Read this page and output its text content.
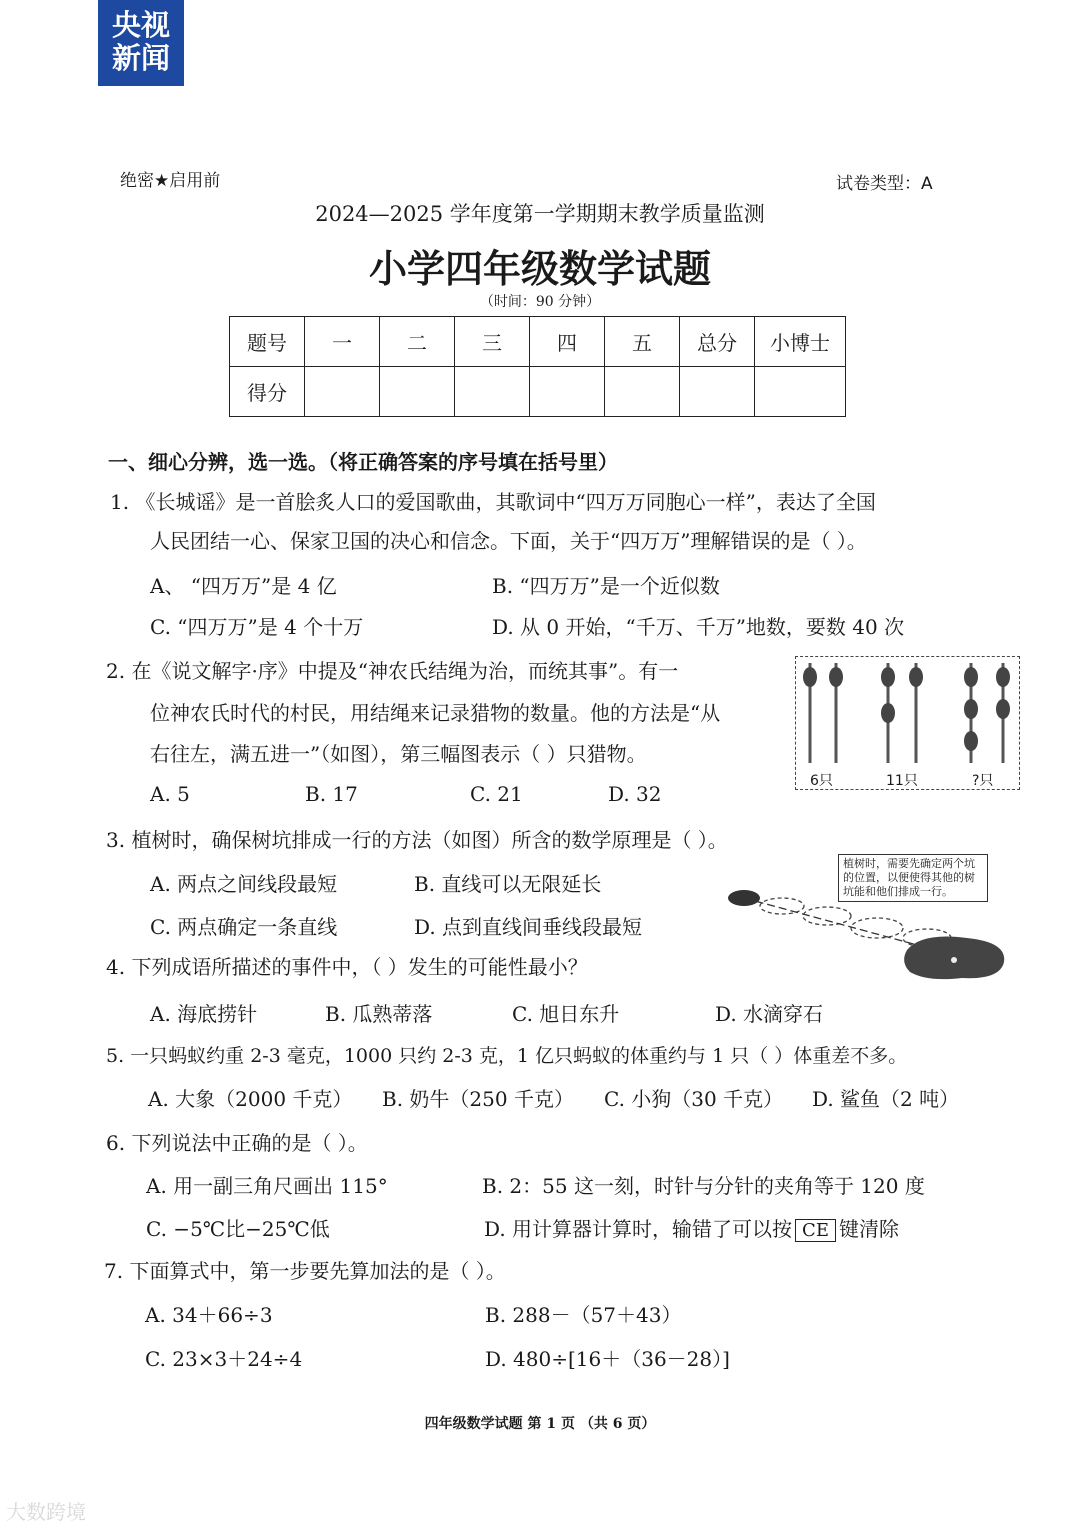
央视
新闻
绝密★启用前	试卷类型：A
2024—2025 学年度第一学期期末教学质量监测
小学四年级数学试题
（时间：90 分钟）
题号	一	二	三	四	五	总分	小博士
得分							
一、细心分辨，选一选。（将正确答案的序号填在括号里）
1. 《长城谣》是一首脍炙人口的爱国歌曲，其歌词中“四万万同胞心一样”，表达了全国
人民团结一心、保家卫国的决心和信念。下面，关于“四万万”理解错误的是（ ）。
A、 “四万万”是 4 亿	B. “四万万”是一个近似数
C. “四万万”是 4 个十万	D. 从 0 开始，“千万、千万”地数，要数 40 次
2. 在《说文解字·序》中提及“神农氏结绳为治，而统其事”。有一
位神农氏时代的村民，用结绳来记录猎物的数量。他的方法是“从
右往左，满五进一”（如图），第三幅图表示（ ）只猎物。
A. 5	B. 17	C. 21	D. 32
6只	11只	?只
3. 植树时，确保树坑排成一行的方法（如图）所含的数学原理是（ ）。
A. 两点之间线段最短	B. 直线可以无限延长
C. 两点确定一条直线	D. 点到直线间垂线段最短
植树时，需要先确定两个坑的位置，以便使得其他的树坑能和他们排成一行。
4. 下列成语所描述的事件中，（ ）发生的可能性最小？
A. 海底捞针	B. 瓜熟蒂落	C. 旭日东升	D. 水滴穿石
5. 一只蚂蚁约重 2-3 毫克，1000 只约 2-3 克，1 亿只蚂蚁的体重约与 1 只（ ）体重差不多。
A. 大象（2000 千克） B. 奶牛（250 千克） C. 小狗（30 千克） D. 鲨鱼（2 吨）
6. 下列说法中正确的是（ ）。
A. 用一副三角尺画出 115°	B. 2：55 这一刻，时针与分针的夹角等于 120 度
C. −5℃比−25℃低	D. 用计算器计算时，输错了可以按 CE 键清除
7. 下面算式中，第一步要先算加法的是（ ）。
A. 34＋66÷3	B. 288－（57＋43）
C. 23×3＋24÷4	D. 480÷[16＋（36－28）]
四年级数学试题 第 1 页 （共 6 页）
大数跨境
